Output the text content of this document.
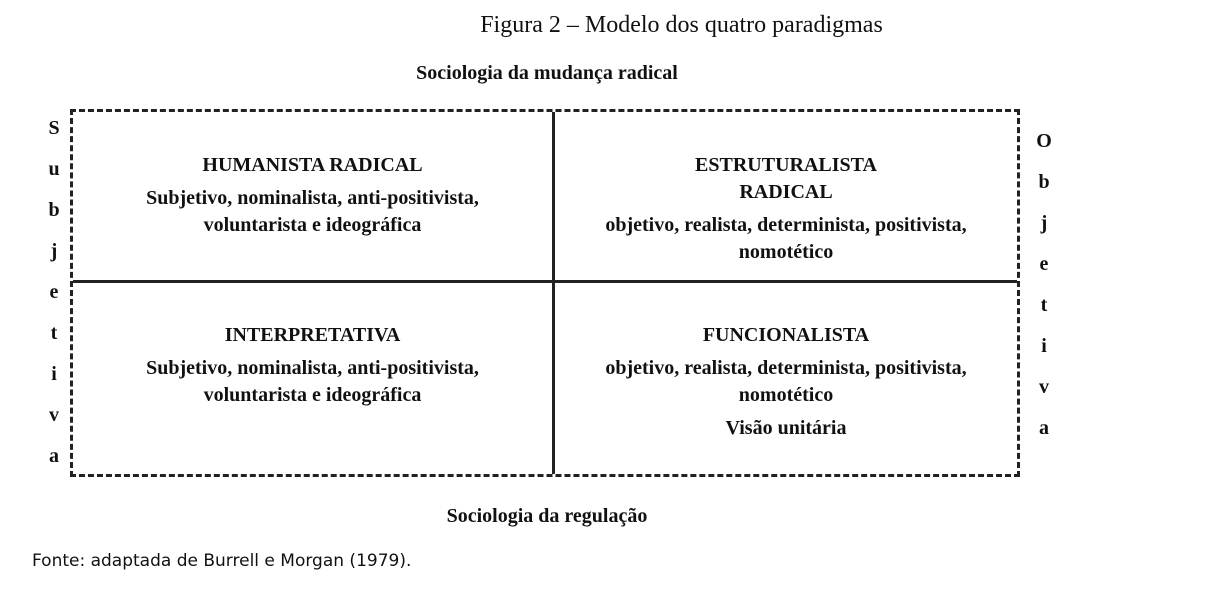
Figura 2 – Modelo dos quatro paradigmas
Sociologia da mudança radical
S
u
b
j
e
t
i
v
a
HUMANISTA RADICAL
Subjetivo, nominalista, anti-positivista,
voluntarista e ideográfica
ESTRUTURALISTA
RADICAL
objetivo, realista, determinista, positivista,
nomotético
INTERPRETATIVA
Subjetivo, nominalista, anti-positivista,
voluntarista e ideográfica
FUNCIONALISTA
objetivo, realista, determinista, positivista,
nomotético
Visão unitária
O
b
j
e
t
i
v
a
Sociologia da regulação
Fonte: adaptada de Burrell e Morgan (1979).
